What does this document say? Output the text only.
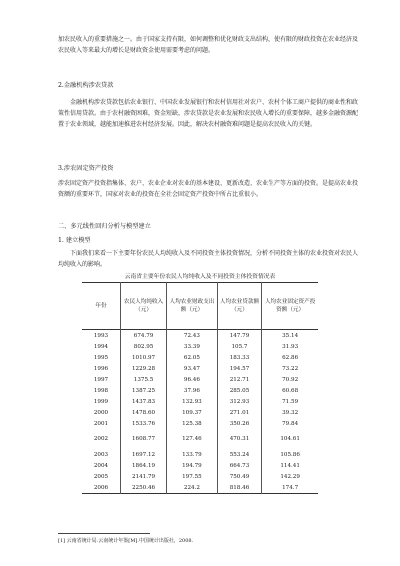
加农民收入的重要措施之一。由于国家支持有限，如何调整和优化财政支出结构，使有限的财政投资在农业经济及农民收入等来最大的增长是财政资金使用需要考虑的问题。

2.金融机构涉农贷款

金融机构涉农贷款包括农业银行、中国农业发展银行和农村信用社对农户、农村个体工商户提供的商业性和政策性信用贷款。由于农村融资困难，资金短缺，涉农贷款是农业发展和农民收入增长的重要保障，越多金融资源配置于农业领域，越能加速推进农村经济发展。因此，解决农村融资难问题是提高农民收入的关键。

3.涉农固定资产投资

涉农固定资产投资指集体、农户、农业企业对农业的基本建设、更新改造、农业生产等方面的投资。是提高农业投资额的重要环节，国家对农业的投资在全社会固定资产投资中所占比重很小。

二、多元线性回归分析与模型建立
1. 建立模型

下面我们来看一下主要年份农民人均纯收入及不同投资主体投资情况，分析不同投资主体的农业投资对农民人均纯收入的影响。

云南省主要年份农民人均纯收入及不同投资主体投资情况表
年份	农民人均纯收入（元）	人均农业财政支出额（元）	人均农业贷款额（元）	人均农业固定资产投资额（元）
1993	674.79	72.43	147.79	35.14
1994	802.95	33.39	105.7	31.93
1995	1010.97	62.05	183.33	62.86
1996	1229.28	93.47	194.57	73.22
1997	1375.5	96.46	212.71	70.92
1998	1387.25	37.96	285.05	60.68
1999	1437.83	132.93	312.93	71.59
2000	1478.60	109.37	271.01	39.32
2001	1533.76	125.38	350.26	79.84
2002	1608.77	127.46	470.31	104.61
2003	1697.12	133.79	553.24	105.86
2004	1864.19	194.79	664.73	114.41
2005	2141.79	197.55	750.49	142.29
2006	2250.46	224.2	818.46	174.7
[1] 云南省统计局.云南统计年鉴[M].中国统计出版社，2008.
